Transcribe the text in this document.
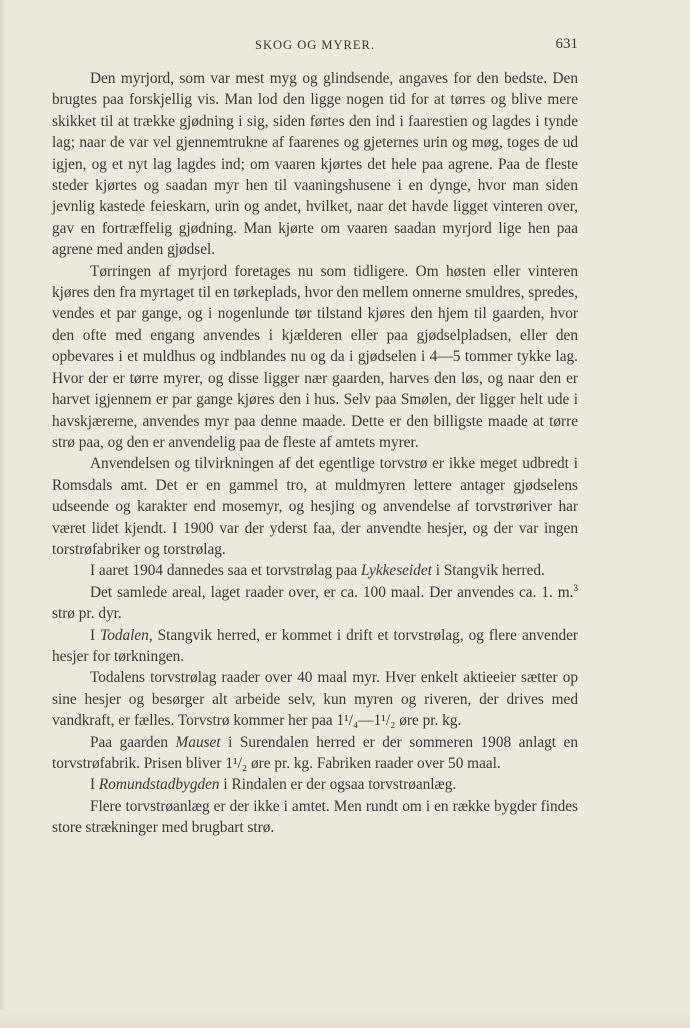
SKOG OG MYRER.	631

Den myrjord, som var mest myg og glindsende, angaves for den bedste. Den brugtes paa forskjellig vis. Man lod den ligge nogen tid for at tørres og blive mere skikket til at trække gjødning i sig, siden førtes den ind i faarestien og lagdes i tynde lag; naar de var vel gjennemtrukne af faarenes og gjeternes urin og møg, toges de ud igjen, og et nyt lag lagdes ind; om vaaren kjørtes det hele paa agrene. Paa de fleste steder kjørtes og saadan myr hen til vaaningshusene i en dynge, hvor man siden jevnlig kastede feieskarn, urin og andet, hvilket, naar det havde ligget vinteren over, gav en fortræffelig gjødning. Man kjørte om vaaren saadan myrjord lige hen paa agrene med anden gjødsel.

Tørringen af myrjord foretages nu som tidligere. Om høsten eller vinteren kjøres den fra myrtaget til en tørkeplads, hvor den mellem onnerne smuldres, spredes, vendes et par gange, og i nogenlunde tør tilstand kjøres den hjem til gaarden, hvor den ofte med engang anvendes i kjælderen eller paa gjødselpladsen, eller den opbevares i et muldhus og indblandes nu og da i gjødselen i 4—5 tommer tykke lag. Hvor der er tørre myrer, og disse ligger nær gaarden, harves den løs, og naar den er harvet igjennem er par gange kjøres den i hus. Selv paa Smølen, der ligger helt ude i havskjærerne, anvendes myr paa denne maade. Dette er den billigste maade at tørre strø paa, og den er anvendelig paa de fleste af amtets myrer.

Anvendelsen og tilvirkningen af det egentlige torvstrø er ikke meget udbredt i Romsdals amt. Det er en gammel tro, at muldmyren lettere antager gjødselens udseende og karakter end mosemyr, og hesjing og anvendelse af torvstrøriver har været lidet kjendt. I 1900 var der yderst faa, der anvendte hesjer, og der var ingen torstrøfabriker og torstrølag.

I aaret 1904 dannedes saa et torvstrølag paa Lykkeseidet i Stangvik herred.

Det samlede areal, laget raader over, er ca. 100 maal. Der anvendes ca. 1. m.$^3$ strø pr. dyr.

I Todalen, Stangvik herred, er kommet i drift et torvstrølag, og flere anvender hesjer for tørkningen.

Todalens torvstrølag raader over 40 maal myr. Hver enkelt aktieeier sætter op sine hesjer og besørger alt arbeide selv, kun myren og riveren, der drives med vandkraft, er fælles. Torvstrø kommer her paa 1¹/₄—1¹/₂ øre pr. kg.

Paa gaarden Mauset i Surendalen herred er der sommeren 1908 anlagt en torvstrøfabrik. Prisen bliver 1¹/₂ øre pr. kg. Fabriken raader over 50 maal.

I Romundstadbygden i Rindalen er der ogsaa torvstrøanlæg.

Flere torvstrøanlæg er der ikke i amtet. Men rundt om i en række bygder findes store strækninger med brugbart strø.
